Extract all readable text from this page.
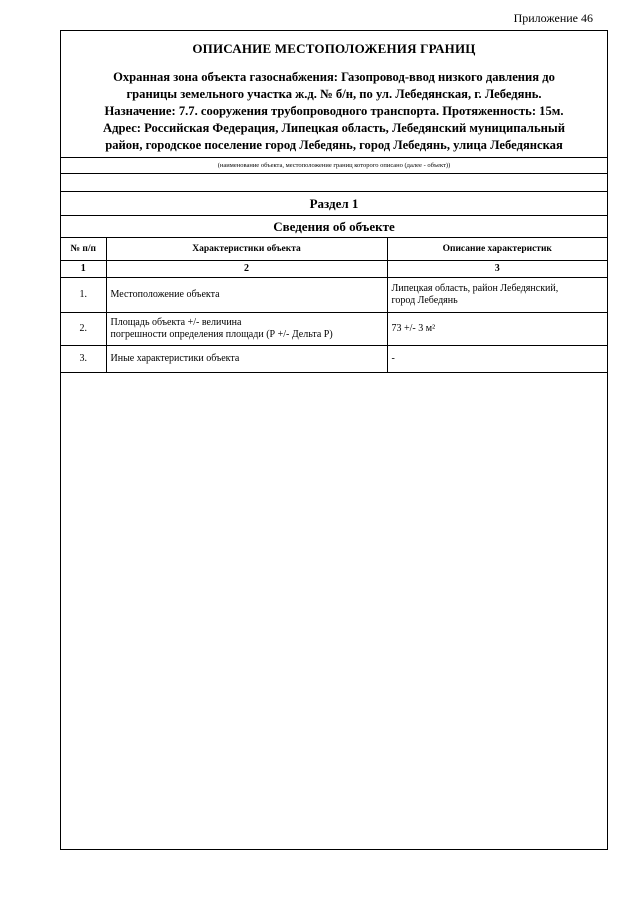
Приложение 46
ОПИСАНИЕ МЕСТОПОЛОЖЕНИЯ ГРАНИЦ
Охранная зона объекта газоснабжения: Газопровод-ввод низкого давления до
границы земельного участка ж.д. № б/н, по ул. Лебедянская, г. Лебедянь.
Назначение: 7.7. сооружения трубопроводного транспорта. Протяженность: 15м.
Адрес: Российская Федерация, Липецкая область, Лебедянский муниципальный
район, городское поселение город Лебедянь, город Лебедянь, улица Лебедянская
(наименование объекта, местоположение границ которого описано (далее - объект))
Раздел 1
Сведения об объекте
№ п/п	Характеристики объекта	Описание характеристик
1	2	3
1.	Местоположение объекта	Липецкая область, район Лебедянский,
город Лебедянь

2.	Площадь объекта +/- величина
погрешности определения площади (Р +/- Дельта Р)	73 +/- 3 м²

3.	Иные характеристики объекта	-
